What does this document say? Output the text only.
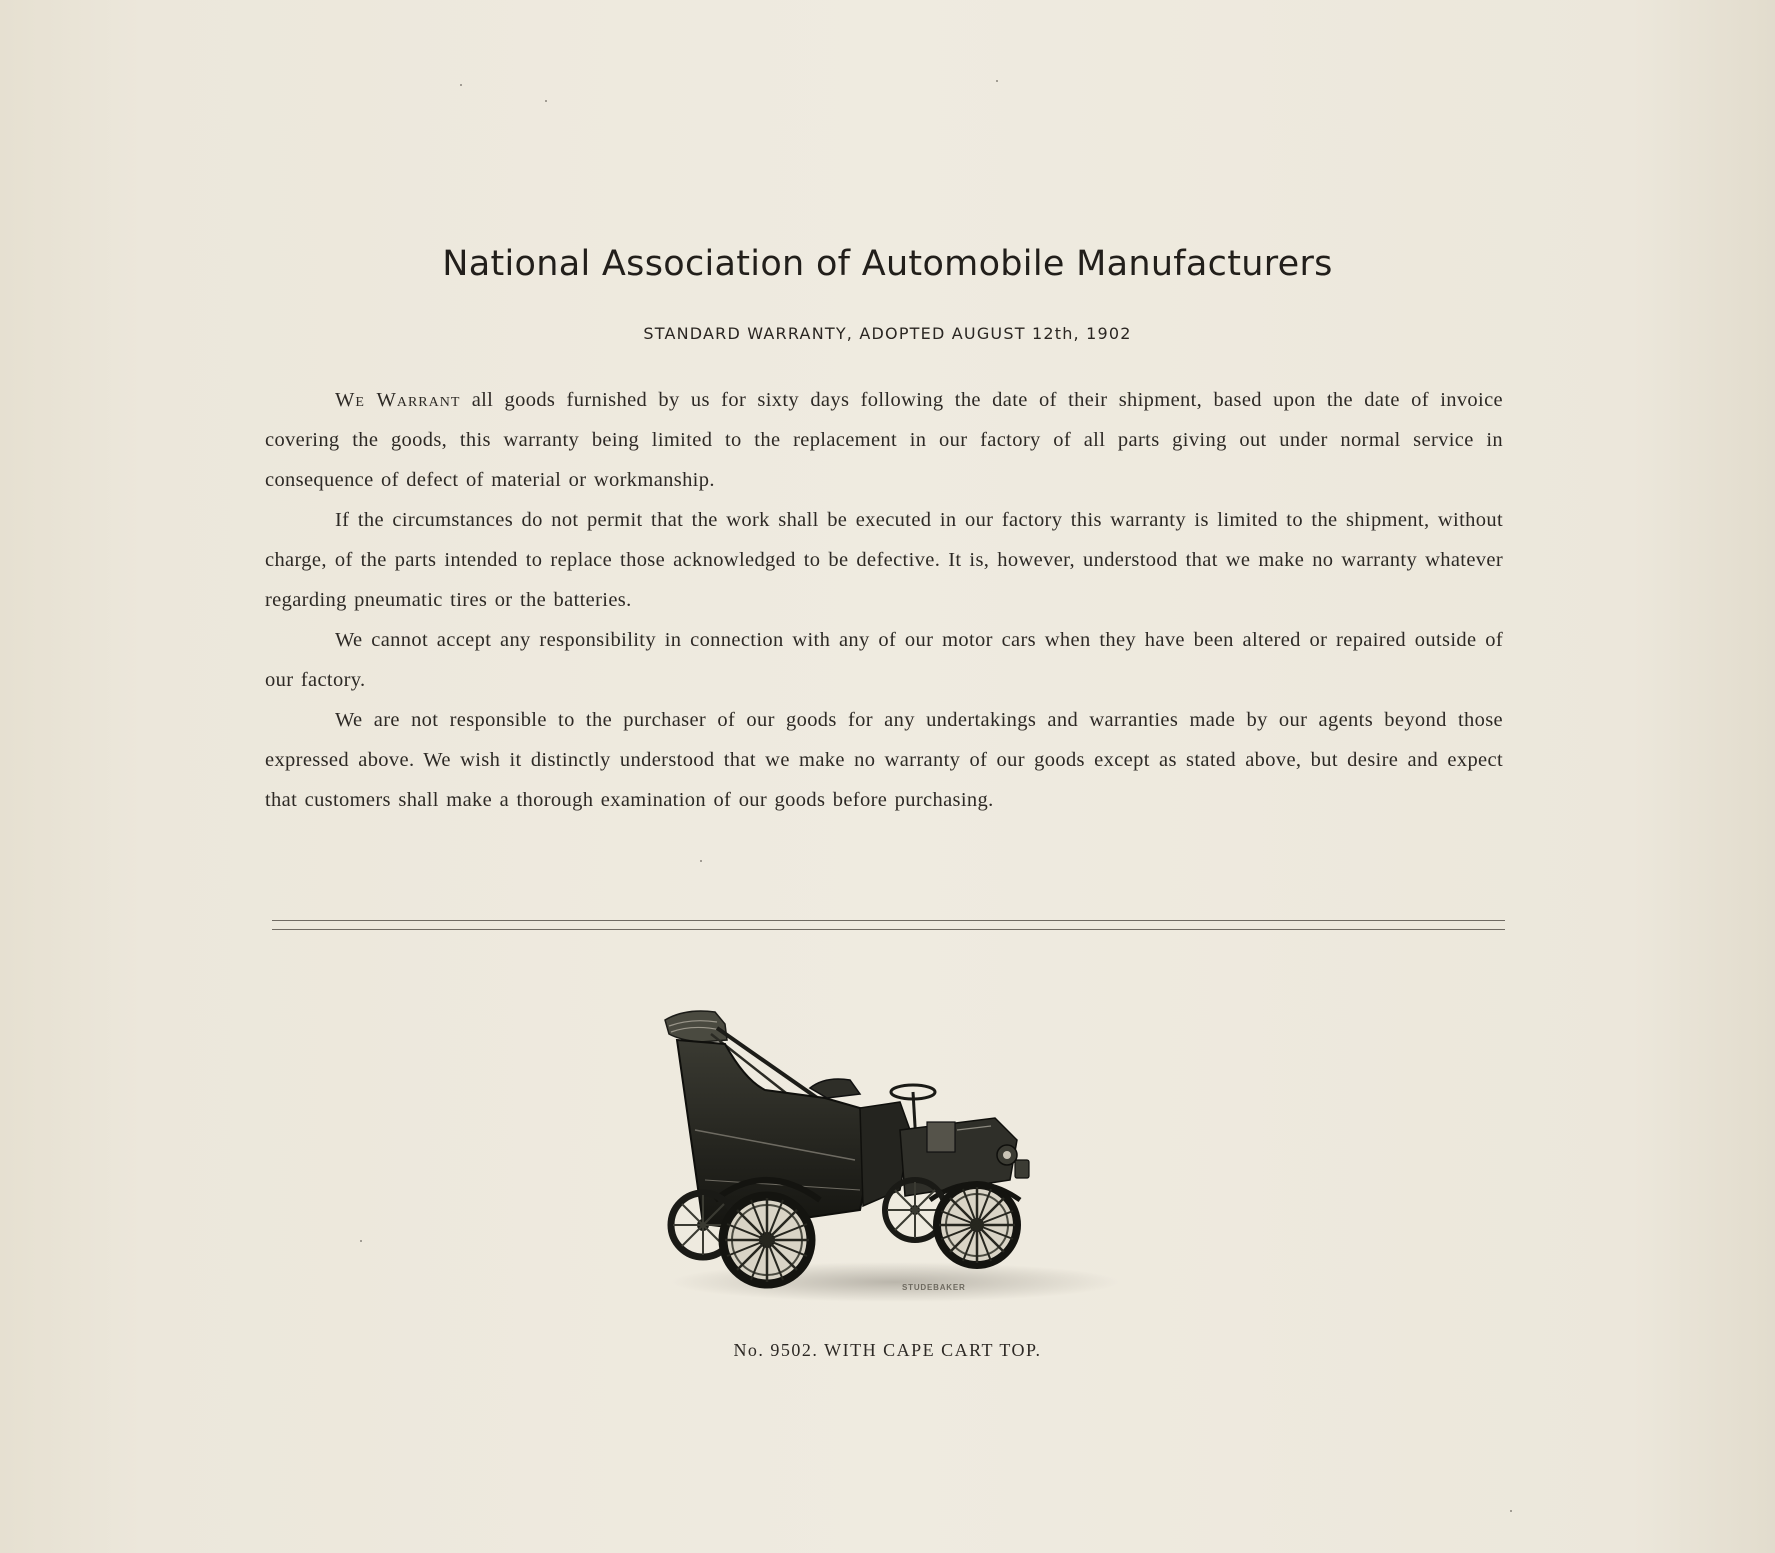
National Association of Automobile Manufacturers

STANDARD WARRANTY, ADOPTED AUGUST 12th, 1902

We Warrant all goods furnished by us for sixty days following the date of their shipment, based upon the date of invoice covering the goods, this warranty being limited to the replacement in our factory of all parts giving out under normal service in consequence of defect of material or workmanship.

If the circumstances do not permit that the work shall be executed in our factory this warranty is limited to the shipment, without charge, of the parts intended to replace those acknowledged to be defective. It is, however, understood that we make no warranty whatever regarding pneumatic tires or the batteries.

We cannot accept any responsibility in connection with any of our motor cars when they have been altered or repaired outside of our factory.

We are not responsible to the purchaser of our goods for any undertakings and warranties made by our agents beyond those expressed above. We wish it distinctly understood that we make no warranty of our goods except as stated above, but desire and expect that customers shall make a thorough examination of our goods before purchasing.

STUDEBAKER

No. 9502. WITH CAPE CART TOP.
